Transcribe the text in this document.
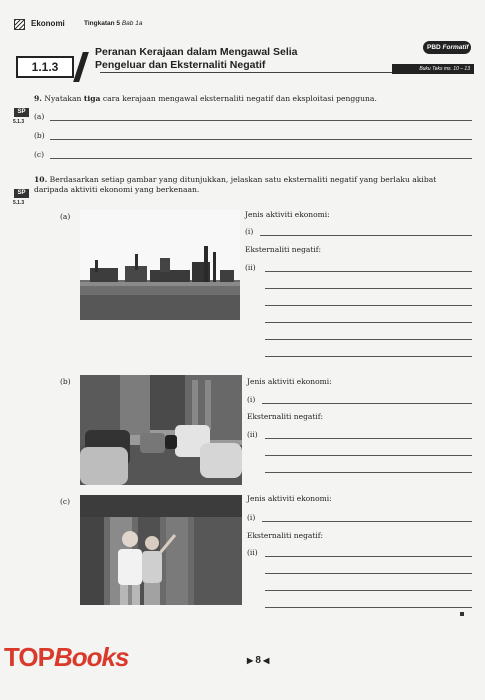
Ekonomi	Tingkatan 5 Bab 1a
1.1.3
Peranan Kerajaan dalam Mengawal Selia
Pengeluar dan Eksternaliti Negatif
PBD Formatif
Buku Teks ms. 10 – 13
9. Nyatakan tiga cara kerajaan mengawal eksternaliti negatif dan eksploitasi pengguna.
SP
5.1.3
(a)
(b)
(c)
10. Berdasarkan setiap gambar yang ditunjukkan, jelaskan satu eksternaliti negatif yang berlaku akibat
daripada aktiviti ekonomi yang berkenaan.
SP
5.1.3
(a)	Jenis aktiviti ekonomi:
(i)
Eksternaliti negatif:
(ii)
(b)	Jenis aktiviti ekonomi:
(i)
Eksternaliti negatif:
(ii)
(c)	Jenis aktiviti ekonomi:
(i)
Eksternaliti negatif:
(ii)
▶ 8 ◀
TOPBooks
